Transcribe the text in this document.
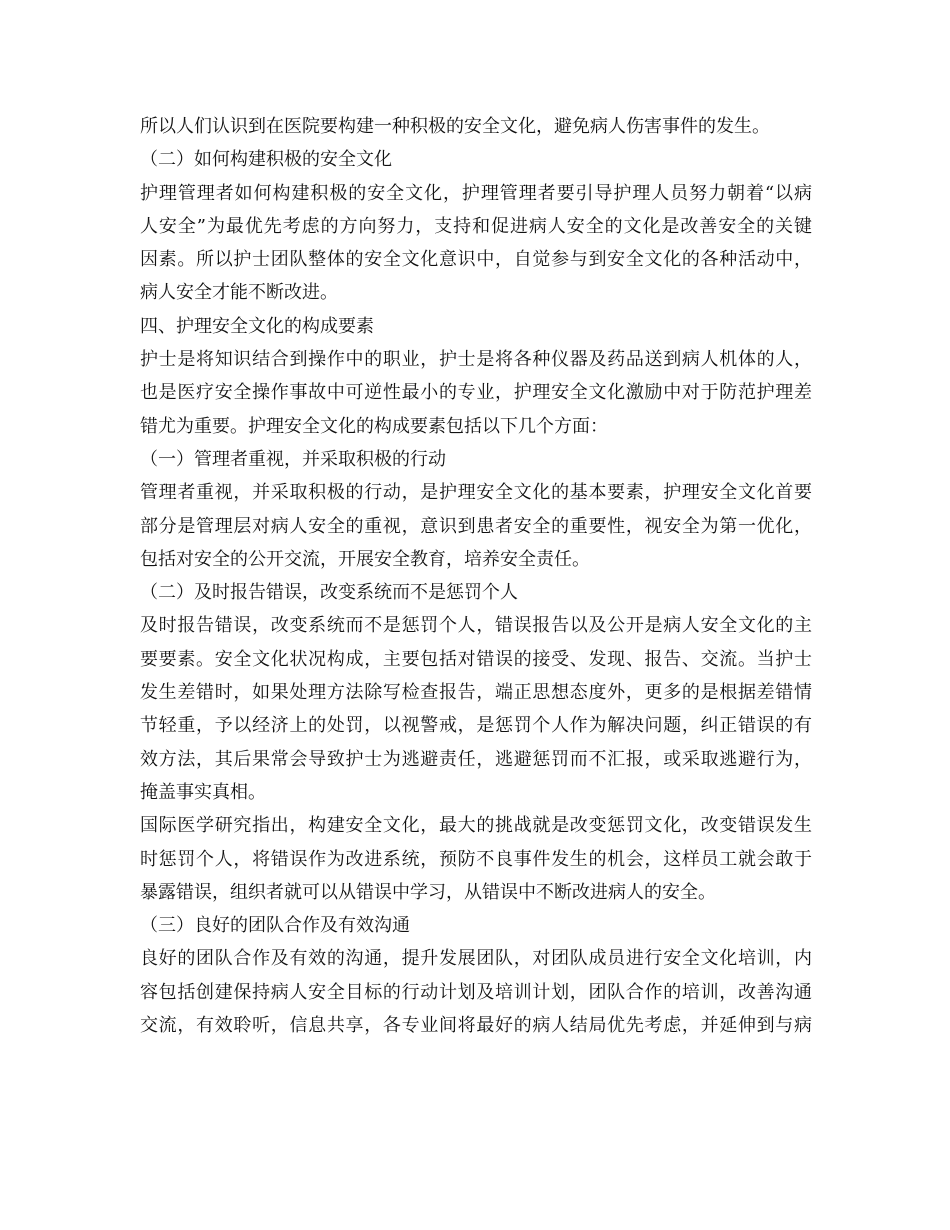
所以人们认识到在医院要构建一种积极的安全文化，避免病人伤害事件的发生。
（二）如何构建积极的安全文化
护理管理者如何构建积极的安全文化，护理管理者要引导护理人员努力朝着“以病
人安全”为最优先考虑的方向努力，支持和促进病人安全的文化是改善安全的关键
因素。所以护士团队整体的安全文化意识中，自觉参与到安全文化的各种活动中，
病人安全才能不断改进。
四、护理安全文化的构成要素
护士是将知识结合到操作中的职业，护士是将各种仪器及药品送到病人机体的人，
也是医疗安全操作事故中可逆性最小的专业，护理安全文化激励中对于防范护理差
错尤为重要。护理安全文化的构成要素包括以下几个方面：
（一）管理者重视，并采取积极的行动
管理者重视，并采取积极的行动，是护理安全文化的基本要素，护理安全文化首要
部分是管理层对病人安全的重视，意识到患者安全的重要性，视安全为第一优化，
包括对安全的公开交流，开展安全教育，培养安全责任。
（二）及时报告错误，改变系统而不是惩罚个人
及时报告错误，改变系统而不是惩罚个人，错误报告以及公开是病人安全文化的主
要要素。安全文化状况构成，主要包括对错误的接受、发现、报告、交流。当护士
发生差错时，如果处理方法除写检查报告，端正思想态度外，更多的是根据差错情
节轻重，予以经济上的处罚，以视警戒，是惩罚个人作为解决问题，纠正错误的有
效方法，其后果常会导致护士为逃避责任，逃避惩罚而不汇报，或采取逃避行为，
掩盖事实真相。
国际医学研究指出，构建安全文化，最大的挑战就是改变惩罚文化，改变错误发生
时惩罚个人，将错误作为改进系统，预防不良事件发生的机会，这样员工就会敢于
暴露错误，组织者就可以从错误中学习，从错误中不断改进病人的安全。
（三）良好的团队合作及有效沟通
良好的团队合作及有效的沟通，提升发展团队，对团队成员进行安全文化培训，内
容包括创建保持病人安全目标的行动计划及培训计划，团队合作的培训，改善沟通
交流，有效聆听，信息共享，各专业间将最好的病人结局优先考虑，并延伸到与病
